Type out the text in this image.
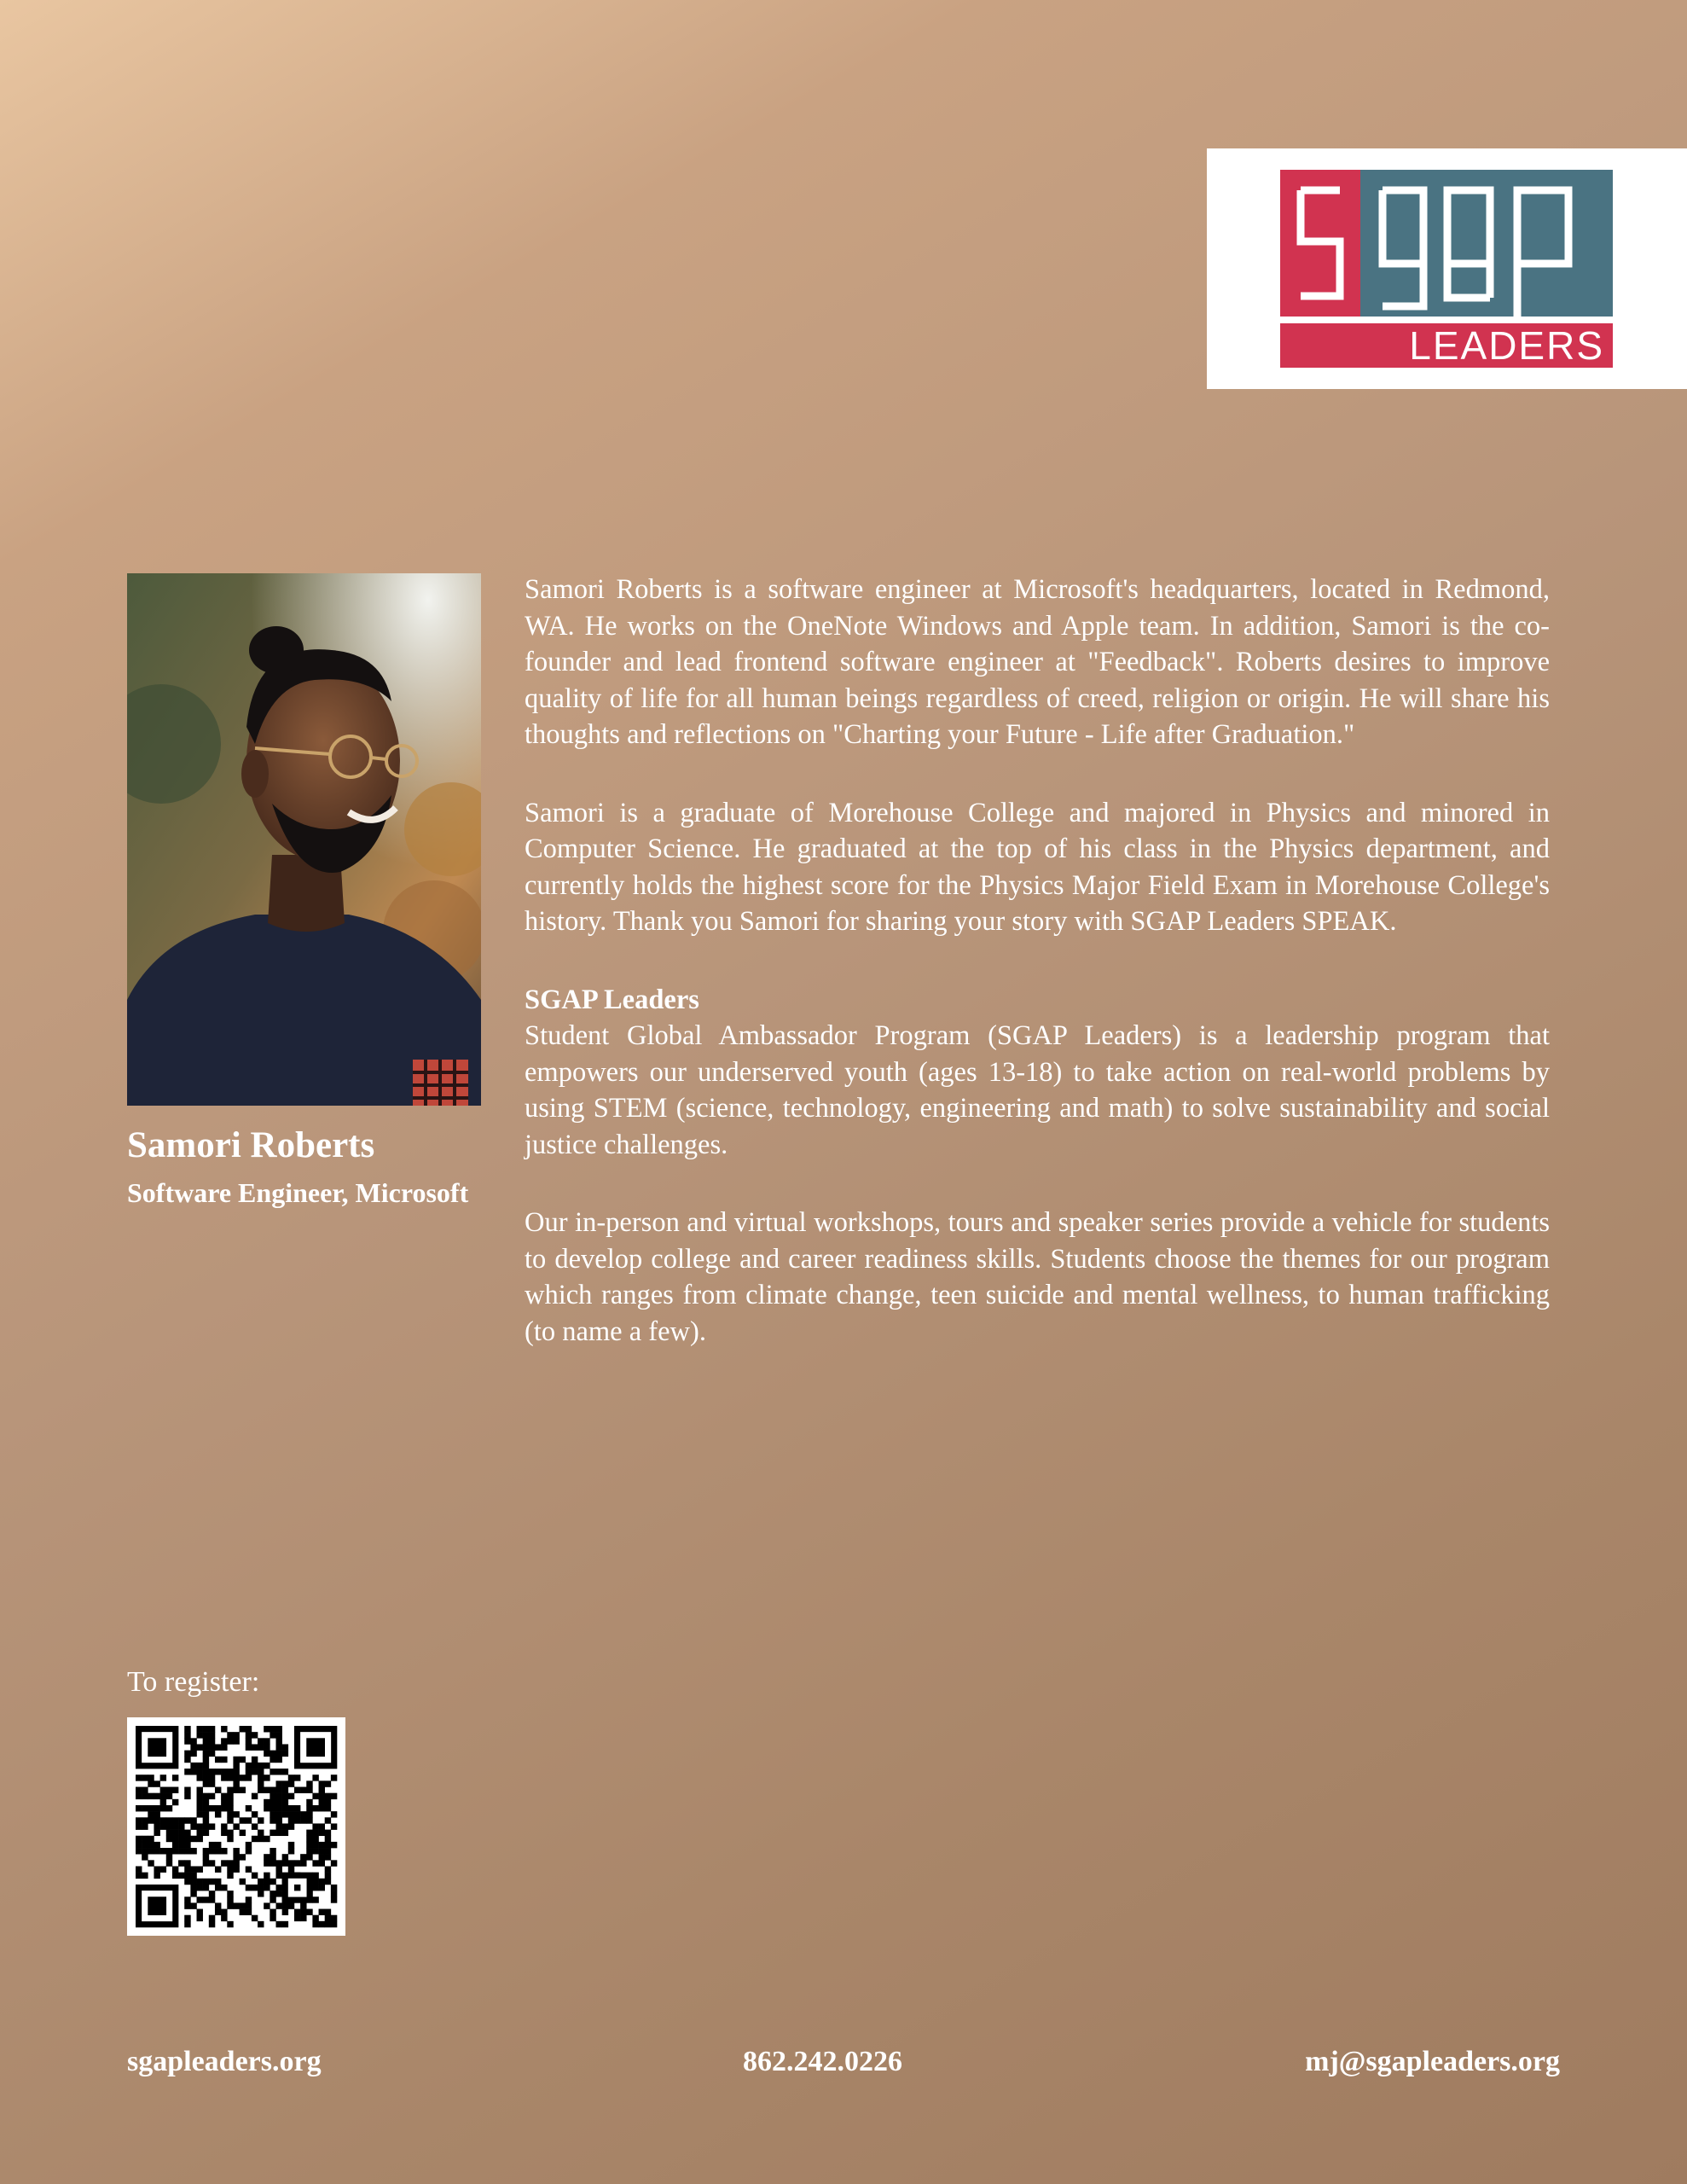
LEADERS
Samori Roberts
Software Engineer, Microsoft

Samori Roberts is a software engineer at Microsoft's headquarters, located in Redmond, WA. He works on the OneNote Windows and Apple team. In addition, Samori is the co-founder and lead frontend software engineer at "Feedback". Roberts desires to improve quality of life for all human beings regardless of creed, religion or origin. He will share his thoughts and reflections on "Charting your Future - Life after Graduation."

Samori is a graduate of Morehouse College and majored in Physics and minored in Computer Science. He graduated at the top of his class in the Physics department, and currently holds the highest score for the Physics Major Field Exam in Morehouse College's history. Thank you Samori for sharing your story with SGAP Leaders SPEAK.

SGAP Leaders

Student Global Ambassador Program (SGAP Leaders) is a leadership program that empowers our underserved youth (ages 13-18) to take action on real-world problems by using STEM (science, technology, engineering and math) to solve sustainability and social justice challenges.

Our in-person and virtual workshops, tours and speaker series provide a vehicle for students to develop college and career readiness skills. Students choose the themes for our program which ranges from climate change, teen suicide and mental wellness, to human trafficking (to name a few).

To register:
sgapleaders.org	862.242.0226	mj@sgapleaders.org
